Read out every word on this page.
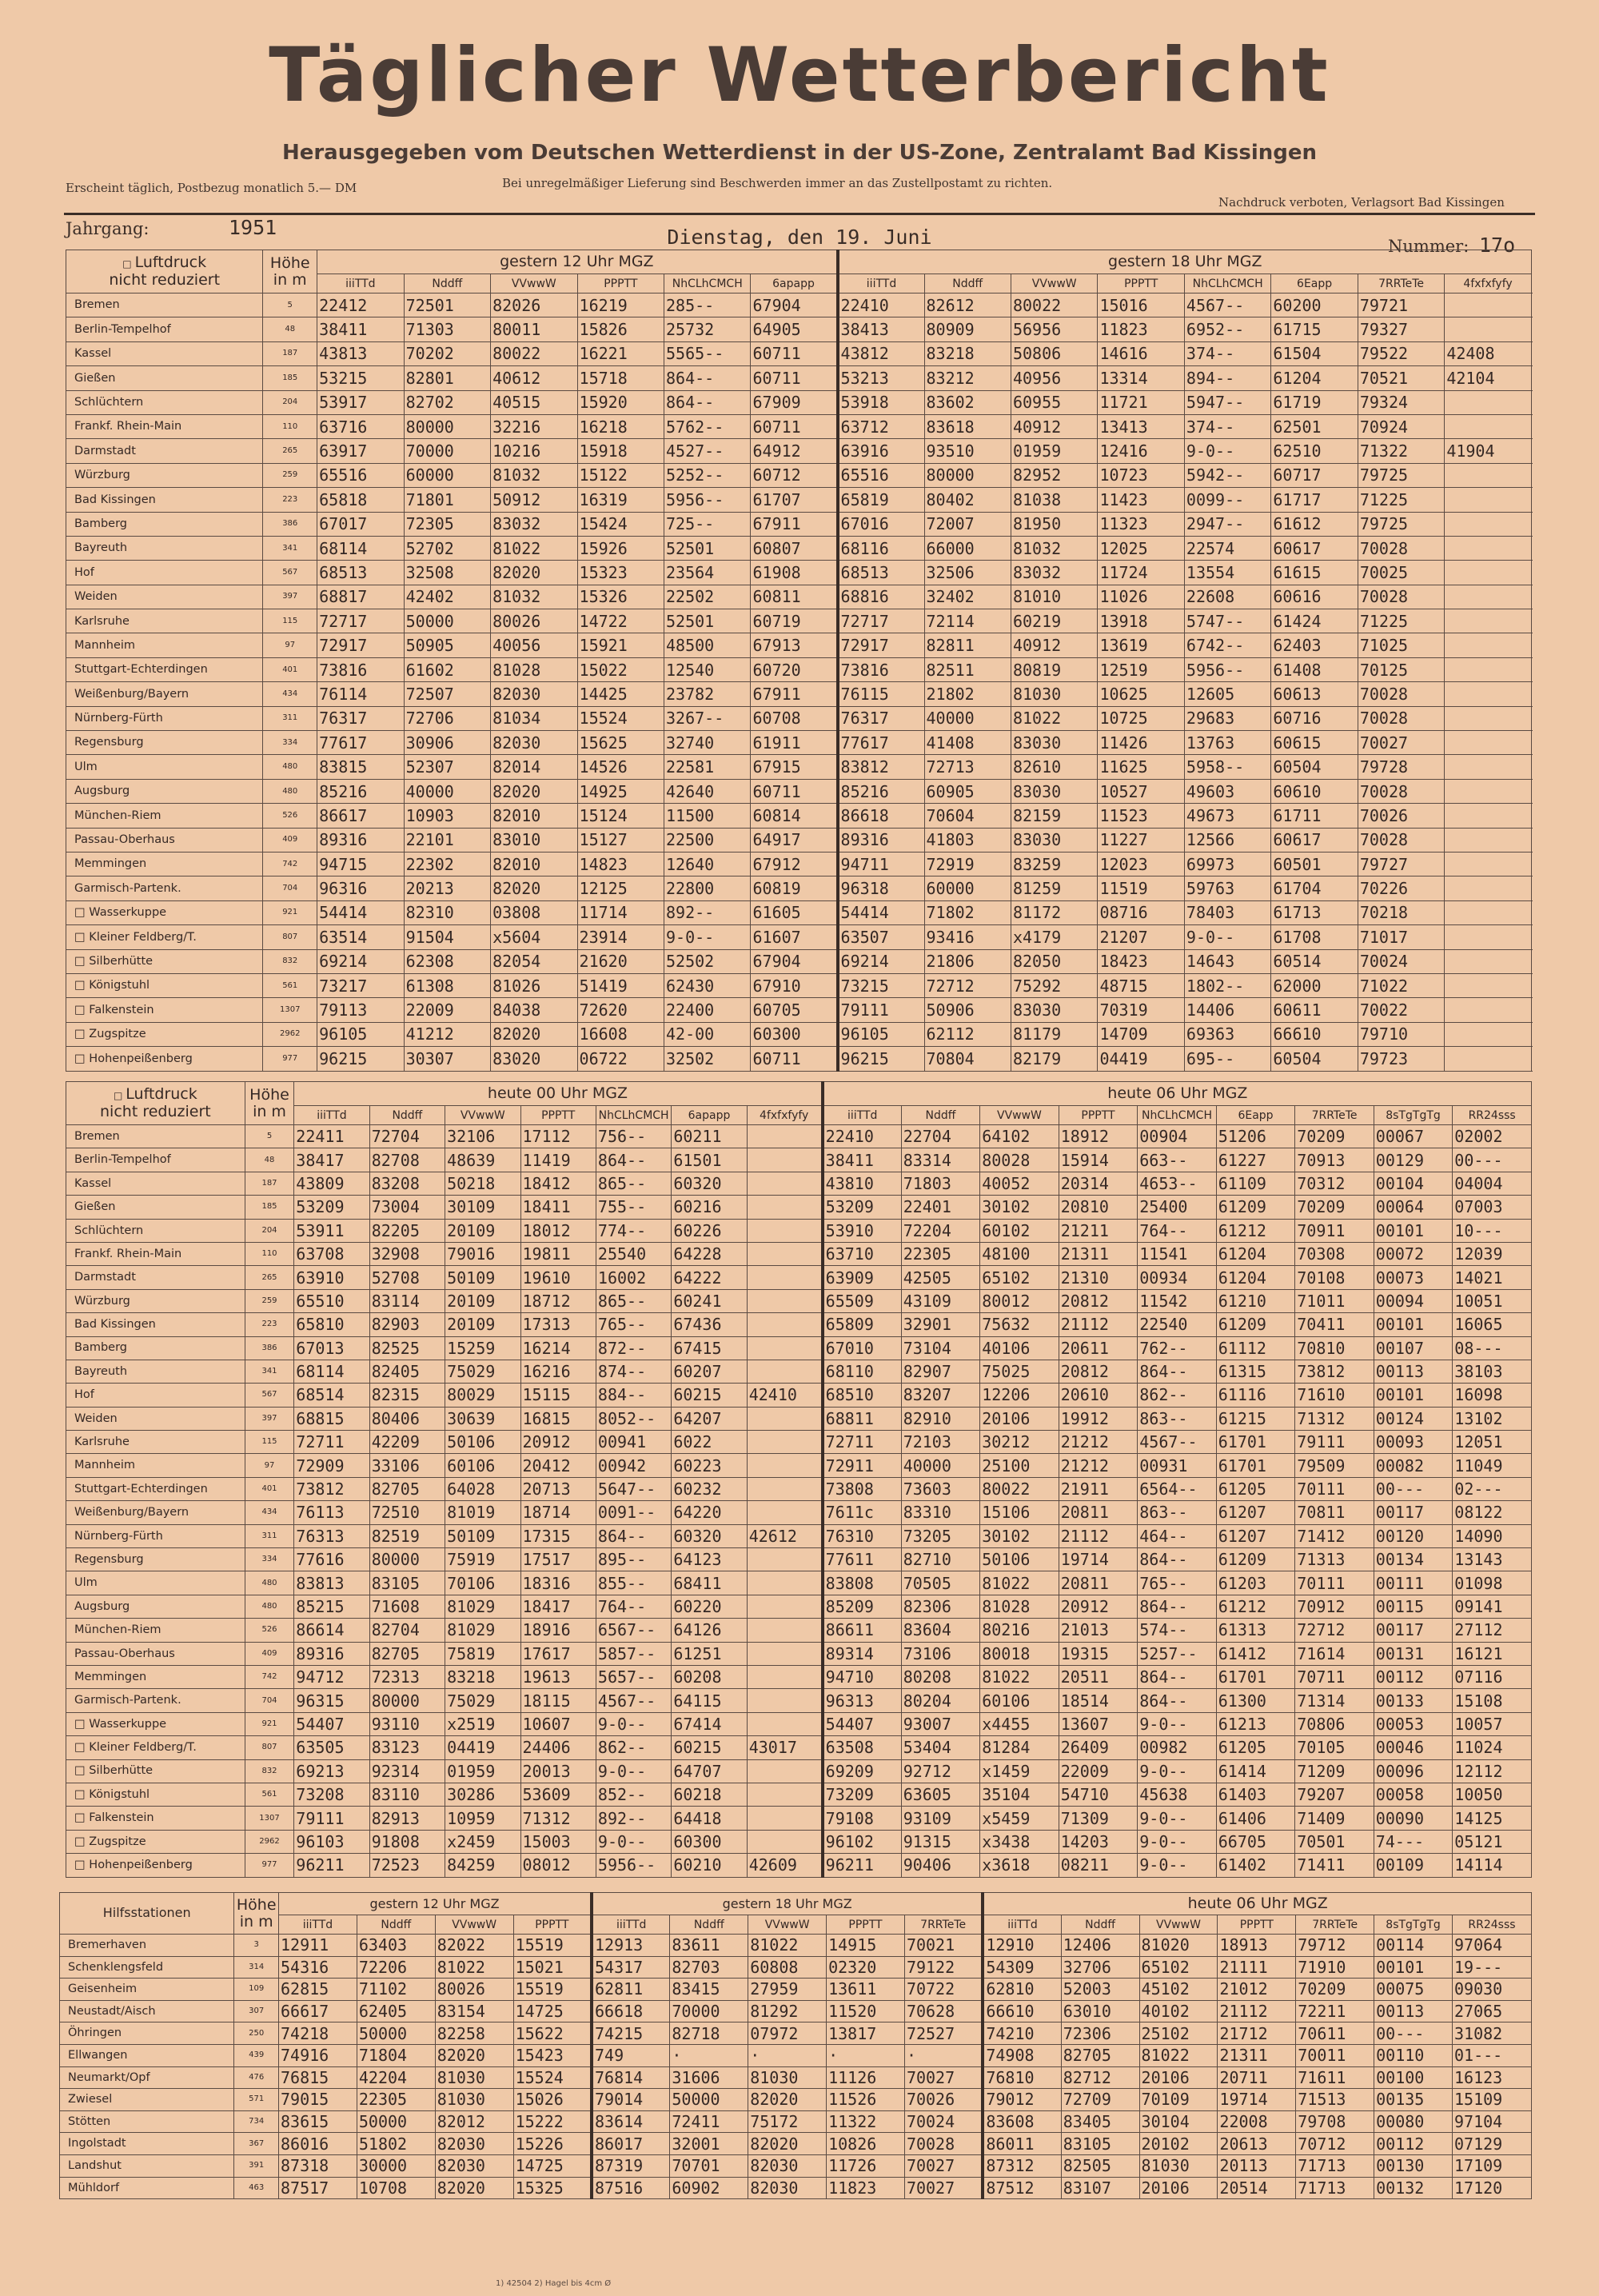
Täglicher Wetterbericht
Herausgegeben vom Deutschen Wetterdienst in der US-Zone, Zentralamt Bad Kissingen
Erscheint täglich, Postbezug monatlich 5.— DM	Bei unregelmäßiger Lieferung sind Beschwerden immer an das Zustellpostamt zu richten.
Nachdruck verboten, Verlagsort Bad Kissingen
Jahrgang:	1951	Dienstag, den 19. Juni	Nummer: 17o
□ Luftdruck
nicht reduziert	Höhe in m	gestern 12 Uhr MGZ						gestern 18 Uhr MGZ								
		iiiTTd	Nddff	VVwwW	PPPTT	NhCLhCMCH	6apapp	iiiTTd	Nddff	VVwwW	PPPTT	NhCLhCMCH	6Eapp	7RRTeTe	4fxfxfyfy	
Bremen	5	22412	72501	82026	16219	285--	67904	22410	82612	80022	15016	4567--	60200	79721		
Berlin-Tempelhof	48	38411	71303	80011	15826	25732	64905	38413	80909	56956	11823	6952--	61715	79327		
Kassel	187	43813	70202	80022	16221	5565--	60711	43812	83218	50806	14616	374--	61504	79522	42408	
Gießen	185	53215	82801	40612	15718	864--	60711	53213	83212	40956	13314	894--	61204	70521	42104	
Schlüchtern	204	53917	82702	40515	15920	864--	67909	53918	83602	60955	11721	5947--	61719	79324		
Frankf. Rhein-Main	110	63716	80000	32216	16218	5762--	60711	63712	83618	40912	13413	374--	62501	70924		
Darmstadt	265	63917	70000	10216	15918	4527--	64912	63916	93510	01959	12416	9-0--	62510	71322	41904	
Würzburg	259	65516	60000	81032	15122	5252--	60712	65516	80000	82952	10723	5942--	60717	79725		
Bad Kissingen	223	65818	71801	50912	16319	5956--	61707	65819	80402	81038	11423	0099--	61717	71225		
Bamberg	386	67017	72305	83032	15424	725--	67911	67016	72007	81950	11323	2947--	61612	79725		
Bayreuth	341	68114	52702	81022	15926	52501	60807	68116	66000	81032	12025	22574	60617	70028		
Hof	567	68513	32508	82020	15323	23564	61908	68513	32506	83032	11724	13554	61615	70025		
Weiden	397	68817	42402	81032	15326	22502	60811	68816	32402	81010	11026	22608	60616	70028		
Karlsruhe	115	72717	50000	80026	14722	52501	60719	72717	72114	60219	13918	5747--	61424	71225		
Mannheim	97	72917	50905	40056	15921	48500	67913	72917	82811	40912	13619	6742--	62403	71025		
Stuttgart-Echterdingen	401	73816	61602	81028	15022	12540	60720	73816	82511	80819	12519	5956--	61408	70125		
Weißenburg/Bayern	434	76114	72507	82030	14425	23782	67911	76115	21802	81030	10625	12605	60613	70028		
Nürnberg-Fürth	311	76317	72706	81034	15524	3267--	60708	76317	40000	81022	10725	29683	60716	70028		
Regensburg	334	77617	30906	82030	15625	32740	61911	77617	41408	83030	11426	13763	60615	70027		
Ulm	480	83815	52307	82014	14526	22581	67915	83812	72713	82610	11625	5958--	60504	79728		
Augsburg	480	85216	40000	82020	14925	42640	60711	85216	60905	83030	10527	49603	60610	70028		
München-Riem	526	86617	10903	82010	15124	11500	60814	86618	70604	82159	11523	49673	61711	70026		
Passau-Oberhaus	409	89316	22101	83010	15127	22500	64917	89316	41803	83030	11227	12566	60617	70028		
Memmingen	742	94715	22302	82010	14823	12640	67912	94711	72919	83259	12023	69973	60501	79727		
Garmisch-Partenk.	704	96316	20213	82020	12125	22800	60819	96318	60000	81259	11519	59763	61704	70226		
□ Wasserkuppe	921	54414	82310	03808	11714	892--	61605	54414	71802	81172	08716	78403	61713	70218		
□ Kleiner Feldberg/T.	807	63514	91504	x5604	23914	9-0--	61607	63507	93416	x4179	21207	9-0--	61708	71017		
□ Silberhütte	832	69214	62308	82054	21620	52502	67904	69214	21806	82050	18423	14643	60514	70024		
□ Königstuhl	561	73217	61308	81026	51419	62430	67910	73215	72712	75292	48715	1802--	62000	71022		
□ Falkenstein	1307	79113	22009	84038	72620	22400	60705	79111	50906	83030	70319	14406	60611	70022		
□ Zugspitze	2962	96105	41212	82020	16608	42-00	60300	96105	62112	81179	14709	69363	66610	79710		
□ Hohenpeißenberg	977	96215	30307	83020	06722	32502	60711	96215	70804	82179	04419	695--	60504	79723		
□ Luftdruck
nicht reduziert	Höhe in m	heute 00 Uhr MGZ							heute 06 Uhr MGZ								
		iiiTTd	Nddff	VVwwW	PPPTT	NhCLhCMCH	6apapp	4fxfxfyfy	iiiTTd	Nddff	VVwwW	PPPTT	NhCLhCMCH	6Eapp	7RRTeTe	8sTgTgTg	RR24sss
Bremen	5	22411	72704	32106	17112	756--	60211		22410	22704	64102	18912	00904	51206	70209	00067	02002
Berlin-Tempelhof	48	38417	82708	48639	11419	864--	61501		38411	83314	80028	15914	663--	61227	70913	00129	00---
Kassel	187	43809	83208	50218	18412	865--	60320		43810	71803	40052	20314	4653--	61109	70312	00104	04004
Gießen	185	53209	73004	30109	18411	755--	60216		53209	22401	30102	20810	25400	61209	70209	00064	07003
Schlüchtern	204	53911	82205	20109	18012	774--	60226		53910	72204	60102	21211	764--	61212	70911	00101	10---
Frankf. Rhein-Main	110	63708	32908	79016	19811	25540	64228		63710	22305	48100	21311	11541	61204	70308	00072	12039
Darmstadt	265	63910	52708	50109	19610	16002	64222		63909	42505	65102	21310	00934	61204	70108	00073	14021
Würzburg	259	65510	83114	20109	18712	865--	60241		65509	43109	80012	20812	11542	61210	71011	00094	10051
Bad Kissingen	223	65810	82903	20109	17313	765--	67436		65809	32901	75632	21112	22540	61209	70411	00101	16065
Bamberg	386	67013	82525	15259	16214	872--	67415		67010	73104	40106	20611	762--	61112	70810	00107	08---
Bayreuth	341	68114	82405	75029	16216	874--	60207		68110	82907	75025	20812	864--	61315	73812	00113	38103
Hof	567	68514	82315	80029	15115	884--	60215	42410	68510	83207	12206	20610	862--	61116	71610	00101	16098
Weiden	397	68815	80406	30639	16815	8052--	64207		68811	82910	20106	19912	863--	61215	71312	00124	13102
Karlsruhe	115	72711	42209	50106	20912	00941	6022		72711	72103	30212	21212	4567--	61701	79111	00093	12051
Mannheim	97	72909	33106	60106	20412	00942	60223		72911	40000	25100	21212	00931	61701	79509	00082	11049
Stuttgart-Echterdingen	401	73812	82705	64028	20713	5647--	60232		73808	73603	80022	21911	6564--	61205	70111	00---	02---
Weißenburg/Bayern	434	76113	72510	81019	18714	0091--	64220		7611c	83310	15106	20811	863--	61207	70811	00117	08122
Nürnberg-Fürth	311	76313	82519	50109	17315	864--	60320	42612	76310	73205	30102	21112	464--	61207	71412	00120	14090
Regensburg	334	77616	80000	75919	17517	895--	64123		77611	82710	50106	19714	864--	61209	71313	00134	13143
Ulm	480	83813	83105	70106	18316	855--	68411		83808	70505	81022	20811	765--	61203	70111	00111	01098
Augsburg	480	85215	71608	81029	18417	764--	60220		85209	82306	81028	20912	864--	61212	70912	00115	09141
München-Riem	526	86614	82704	81029	18916	6567--	64126		86611	83604	80216	21013	574--	61313	72712	00117	27112
Passau-Oberhaus	409	89316	82705	75819	17617	5857--	61251		89314	73106	80018	19315	5257--	61412	71614	00131	16121
Memmingen	742	94712	72313	83218	19613	5657--	60208		94710	80208	81022	20511	864--	61701	70711	00112	07116
Garmisch-Partenk.	704	96315	80000	75029	18115	4567--	64115		96313	80204	60106	18514	864--	61300	71314	00133	15108
□ Wasserkuppe	921	54407	93110	x2519	10607	9-0--	67414		54407	93007	x4455	13607	9-0--	61213	70806	00053	10057
□ Kleiner Feldberg/T.	807	63505	83123	04419	24406	862--	60215	43017	63508	53404	81284	26409	00982	61205	70105	00046	11024
□ Silberhütte	832	69213	92314	01959	20013	9-0--	64707		69209	92712	x1459	22009	9-0--	61414	71209	00096	12112
□ Königstuhl	561	73208	83110	30286	53609	852--	60218		73209	63605	35104	54710	45638	61403	79207	00058	10050
□ Falkenstein	1307	79111	82913	10959	71312	892--	64418		79108	93109	x5459	71309	9-0--	61406	71409	00090	14125
□ Zugspitze	2962	96103	91808	x2459	15003	9-0--	60300		96102	91315	x3438	14203	9-0--	66705	70501	74---	05121
□ Hohenpeißenberg	977	96211	72523	84259	08012	5956--	60210	42609	96211	90406	x3618	08211	9-0--	61402	71411	00109	14114
Hilfsstationen	Höhe in m	gestern 12 Uhr MGZ				gestern 18 Uhr MGZ					heute 06 Uhr MGZ						
		iiiTTd	Nddff	VVwwW	PPPTT	iiiTTd	Nddff	VVwwW	PPPTT	7RRTeTe	iiiTTd	Nddff	VVwwW	PPPTT	7RRTeTe	8sTgTgTg	RR24sss
Bremerhaven	3	12911	63403	82022	15519	12913	83611	81022	14915	70021	12910	12406	81020	18913	79712	00114	97064
Schenklengsfeld	314	54316	72206	81022	15021	54317	82703	60808	02320	79122	54309	32706	65102	21111	71910	00101	19---
Geisenheim	109	62815	71102	80026	15519	62811	83415	27959	13611	70722	62810	52003	45102	21012	70209	00075	09030
Neustadt/Aisch	307	66617	62405	83154	14725	66618	70000	81292	11520	70628	66610	63010	40102	21112	72211	00113	27065
Öhringen	250	74218	50000	82258	15622	74215	82718	07972	13817	72527	74210	72306	25102	21712	70611	00---	31082
Ellwangen	439	74916	71804	82020	15423	749	·	·	·	·	74908	82705	81022	21311	70011	00110	01---
Neumarkt/Opf	476	76815	42204	81030	15524	76814	31606	81030	11126	70027	76810	82712	20106	20711	71611	00100	16123
Zwiesel	571	79015	22305	81030	15026	79014	50000	82020	11526	70026	79012	72709	70109	19714	71513	00135	15109
Stötten	734	83615	50000	82012	15222	83614	72411	75172	11322	70024	83608	83405	30104	22008	79708	00080	97104
Ingolstadt	367	86016	51802	82030	15226	86017	32001	82020	10826	70028	86011	83105	20102	20613	70712	00112	07129
Landshut	391	87318	30000	82030	14725	87319	70701	82030	11726	70027	87312	82505	81030	20113	71713	00130	17109
Mühldorf	463	87517	10708	82020	15325	87516	60902	82030	11823	70027	87512	83107	20106	20514	71713	00132	17120
1) 42504 2) Hagel bis 4cm Ø
